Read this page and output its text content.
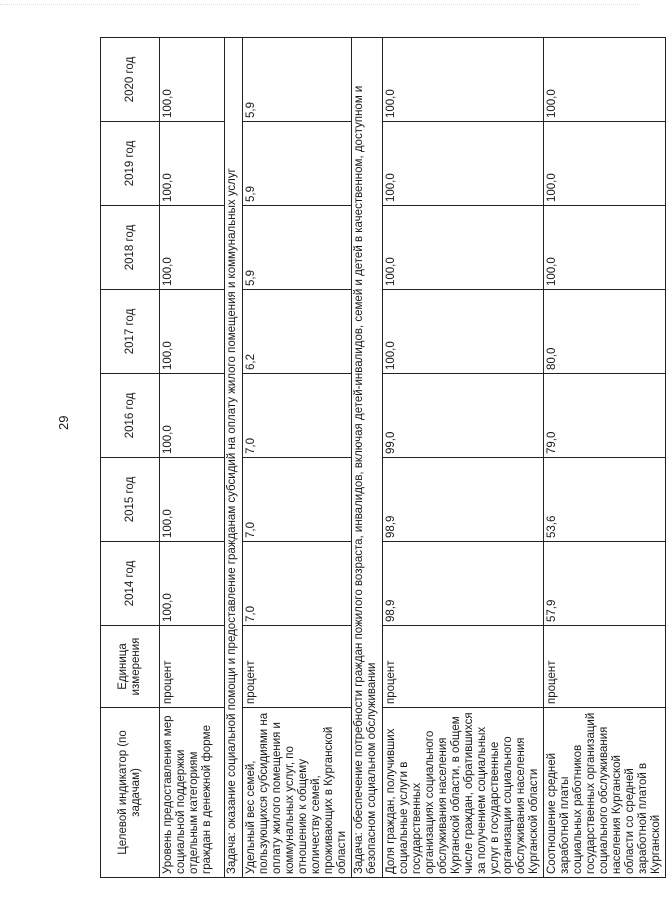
29
Целевой индикатор (по задачам)	Единица измерения	2014 год	2015 год	2016 год	2017 год	2018 год	2019 год	2020 год
Уровень предоставления мер социальной поддержки отдельным категориям граждан в денежной форме	процент	100,0	100,0	100,0	100,0	100,0	100,0	100,0
Задача: оказание социальной помощи и предоставление гражданам субсидий на оплату жилого помещения и коммунальных услуг								
Удельный вес семей, пользующихся субсидиями на оплату жилого помещения и коммунальных услуг, по отношению к общему количеству семей, проживающих в Курганской области	процент	7,0	7,0	7,0	6,2	5,9	5,9	5,9
Задача: обеспечение потребности граждан пожилого возраста, инвалидов, включая детей-инвалидов, семей и детей в качественном, доступном и безопасном социальном обслуживании								
Доля граждан, получивших социальные услуги в государственных организациях социального обслуживания населения Курганской области, в общем числе граждан, обратившихся за получением социальных услуг в государственные организации социального обслуживания населения Курганской области	процент	98,9	98,9	99,0	100,0	100,0	100,0	100,0
Соотношение средней заработной платы социальных работников государственных организаций социального обслуживания населения Курганской области со средней заработной платой в Курганской	процент	57,9	53,6	79,0	80,0	100,0	100,0	100,0
